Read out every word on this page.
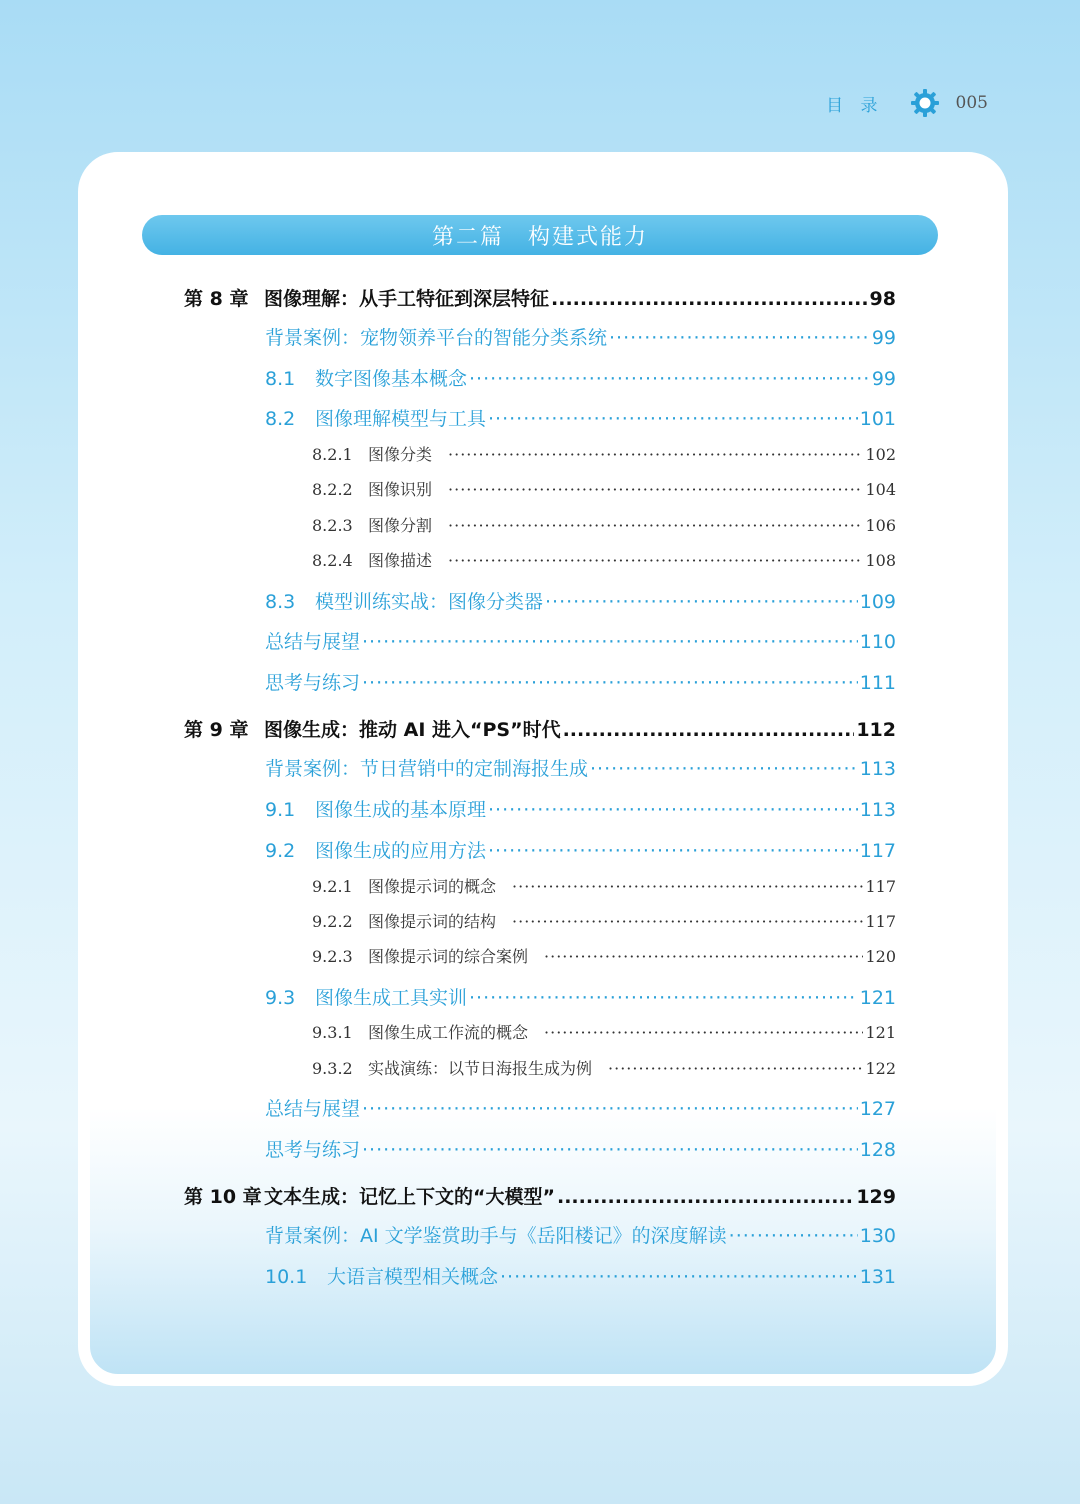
目 录	005
第二篇　构建式能力
第 8 章 图像理解：从手工特征到深层特征 .....	98
背景案例：宠物领养平台的智能分类系统 ·····	99
8.1	数字图像基本概念 ·····	99
8.2	图像理解模型与工具 ·····	101
8.2.1 图像分类 ·····	102
8.2.2 图像识别 ·····	104
8.2.3 图像分割 ·····	106
8.2.4 图像描述 ·····	108
8.3	模型训练实战：图像分类器 ·····	109
总结与展望 ·····	110
思考与练习 ·····	111
第 9 章 图像生成：推动 AI 进入“PS”时代 .....	112
背景案例：节日营销中的定制海报生成 ·····	113
9.1	图像生成的基本原理 ·····	113
9.2	图像生成的应用方法 ·····	117
9.2.1 图像提示词的概念 ·····	117
9.2.2 图像提示词的结构 ·····	117
9.2.3 图像提示词的综合案例 ·····	120
9.3	图像生成工具实训 ·····	121
9.3.1 图像生成工作流的概念 ·····	121
9.3.2 实战演练：以节日海报生成为例 ·····	122
总结与展望 ·····	127
思考与练习 ·····	128
第 10 章 文本生成：记忆上下文的“大模型” .....	129
背景案例：AI 文学鉴赏助手与《岳阳楼记》的深度解读 ·····	130
10.1	大语言模型相关概念 ·····	131
